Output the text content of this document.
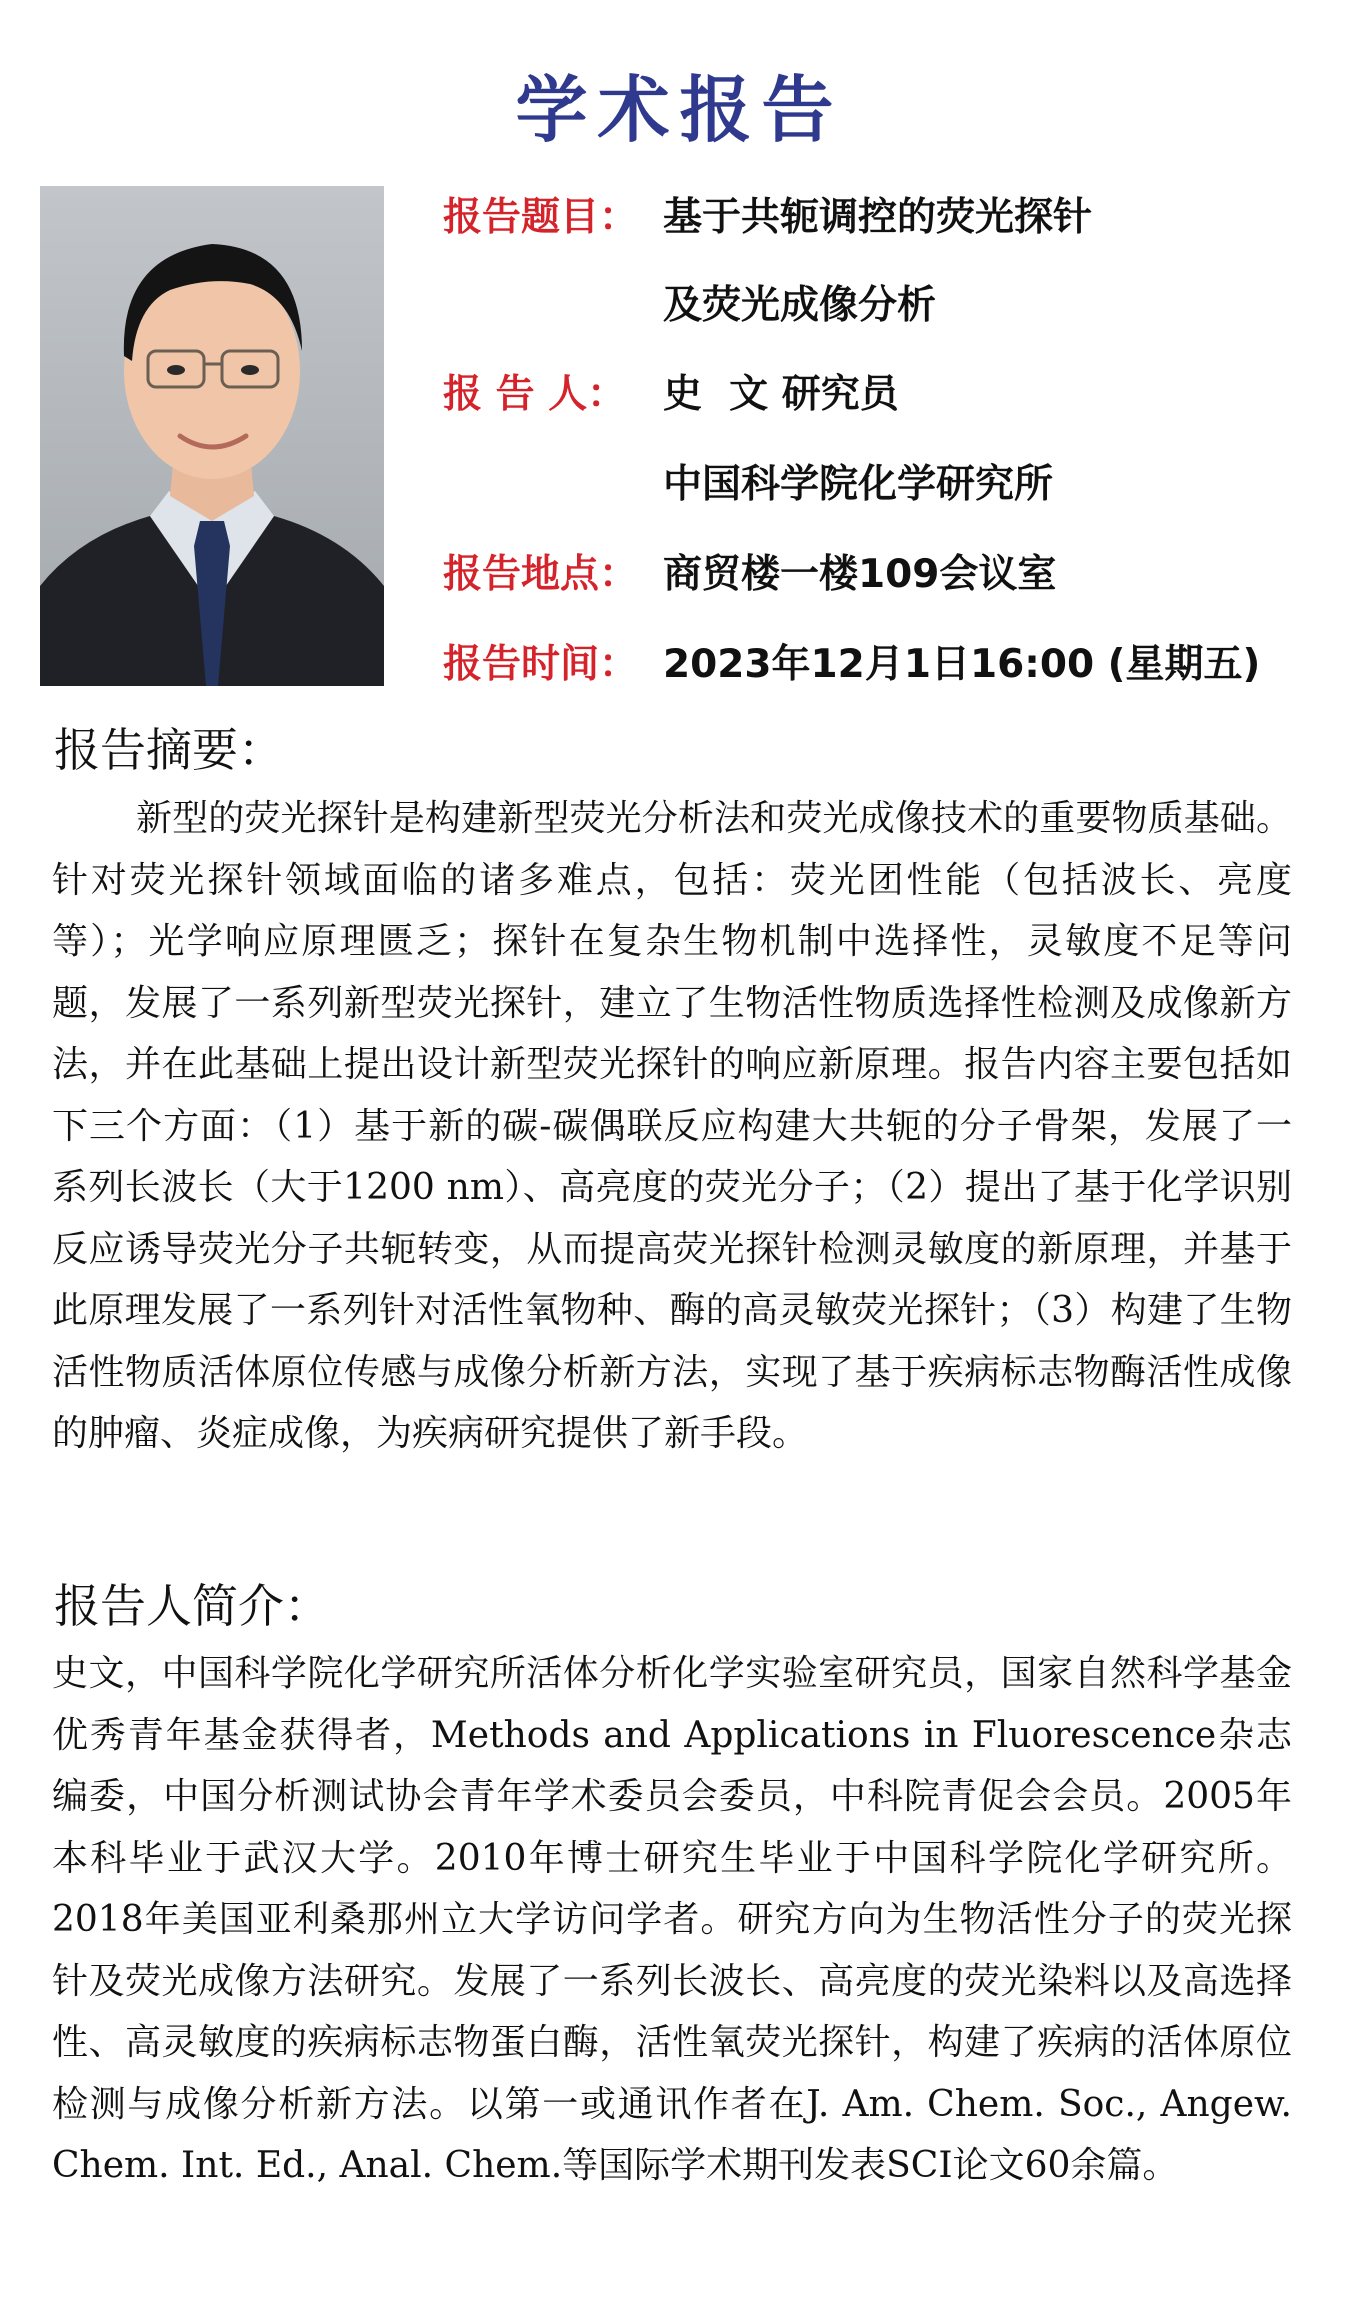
学术报告
报告题目： 基于共轭调控的荧光探针
及荧光成像分析
报 告 人： 史  文 研究员
中国科学院化学研究所
报告地点： 商贸楼一楼109会议室
报告时间： 2023年12月1日16:00 (星期五)
报告摘要：
新型的荧光探针是构建新型荧光分析法和荧光成像技术的重要物质基础。针对荧光探针领域面临的诸多难点，包括：荧光团性能（包括波长、亮度等）；光学响应原理匮乏；探针在复杂生物机制中选择性，灵敏度不足等问题，发展了一系列新型荧光探针，建立了生物活性物质选择性检测及成像新方法，并在此基础上提出设计新型荧光探针的响应新原理。报告内容主要包括如下三个方面：（1）基于新的碳-碳偶联反应构建大共轭的分子骨架，发展了一系列长波长（大于1200 nm）、高亮度的荧光分子；（2）提出了基于化学识别反应诱导荧光分子共轭转变，从而提高荧光探针检测灵敏度的新原理，并基于此原理发展了一系列针对活性氧物种、酶的高灵敏荧光探针；（3）构建了生物活性物质活体原位传感与成像分析新方法，实现了基于疾病标志物酶活性成像的肿瘤、炎症成像，为疾病研究提供了新手段。
报告人简介：
史文，中国科学院化学研究所活体分析化学实验室研究员，国家自然科学基金优秀青年基金获得者，Methods and Applications in Fluorescence杂志编委，中国分析测试协会青年学术委员会委员，中科院青促会会员。2005年本科毕业于武汉大学。2010年博士研究生毕业于中国科学院化学研究所。2018年美国亚利桑那州立大学访问学者。研究方向为生物活性分子的荧光探针及荧光成像方法研究。发展了一系列长波长、高亮度的荧光染料以及高选择性、高灵敏度的疾病标志物蛋白酶，活性氧荧光探针，构建了疾病的活体原位检测与成像分析新方法。以第一或通讯作者在J. Am. Chem. Soc., Angew. Chem. Int. Ed., Anal. Chem.等国际学术期刊发表SCI论文60余篇。
